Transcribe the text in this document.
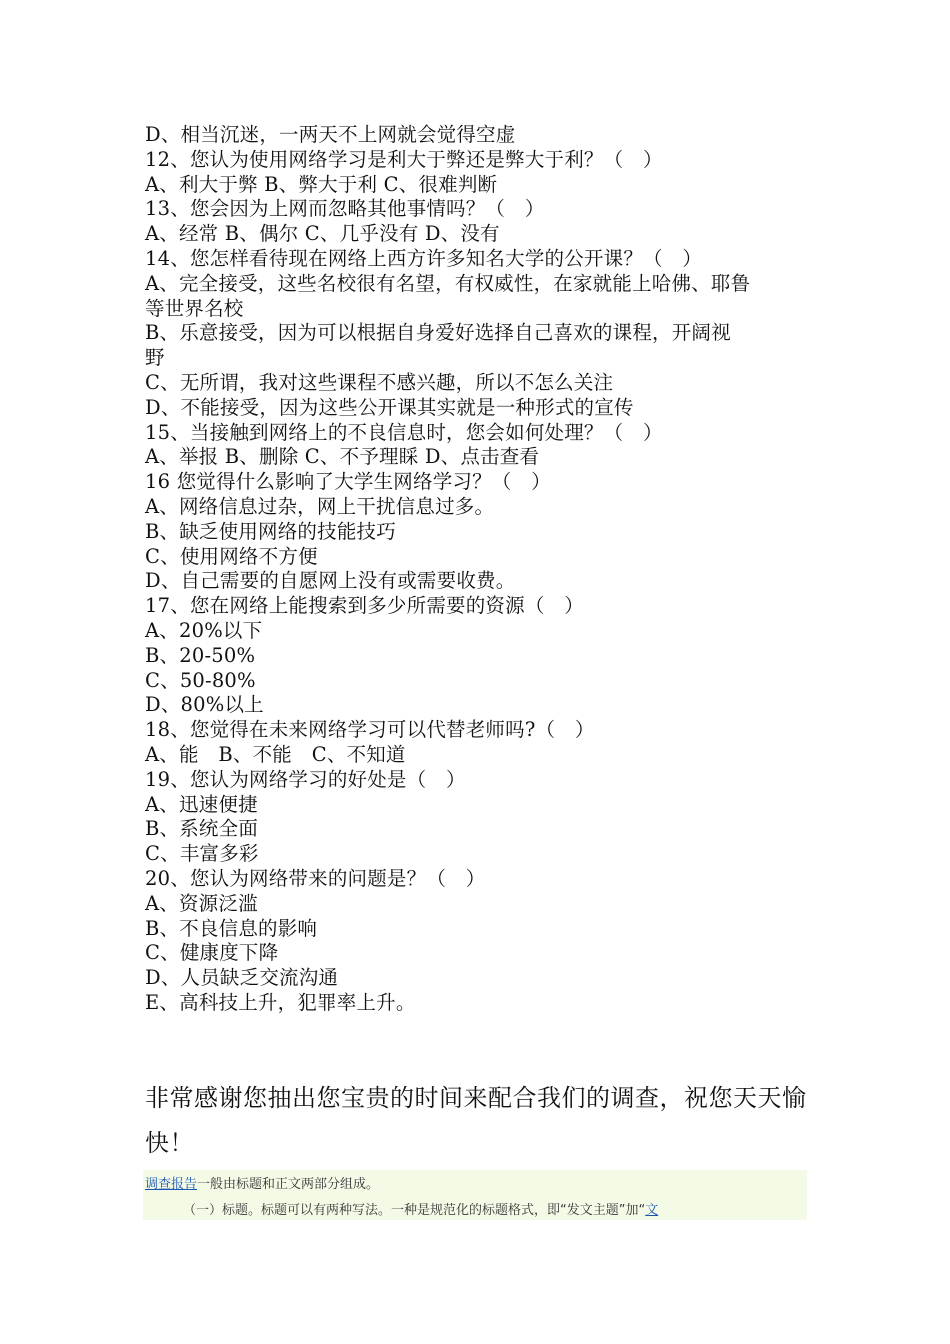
D、相当沉迷，一两天不上网就会觉得空虚
12、您认为使用网络学习是利大于弊还是弊大于利？（　）
A、利大于弊 B、弊大于利 C、很难判断
13、您会因为上网而忽略其他事情吗？（　）
A、经常 B、偶尔 C、几乎没有 D、没有
14、您怎样看待现在网络上西方许多知名大学的公开课？（　）
A、完全接受，这些名校很有名望，有权威性，在家就能上哈佛、耶鲁
等世界名校
B、乐意接受，因为可以根据自身爱好选择自己喜欢的课程，开阔视
野
C、无所谓，我对这些课程不感兴趣，所以不怎么关注
D、不能接受，因为这些公开课其实就是一种形式的宣传
15、当接触到网络上的不良信息时，您会如何处理？（　）
A、举报 B、删除 C、不予理睬 D、点击查看
16 您觉得什么影响了大学生网络学习？（　）
A、网络信息过杂，网上干扰信息过多。
B、缺乏使用网络的技能技巧
C、使用网络不方便
D、自己需要的自愿网上没有或需要收费。
17、您在网络上能搜索到多少所需要的资源（　）
A、20%以下
B、20-50%
C、50-80%
D、80%以上
18、您觉得在未来网络学习可以代替老师吗?（　）
A、能　B、不能　C、不知道
19、您认为网络学习的好处是（　）
A、迅速便捷
B、系统全面
C、丰富多彩
20、您认为网络带来的问题是？（　）
A、资源泛滥
B、不良信息的影响
C、健康度下降
D、人员缺乏交流沟通
E、高科技上升，犯罪率上升。
非常感谢您抽出您宝贵的时间来配合我们的调查，祝您天天愉快！
调查报告一般由标题和正文两部分组成。
（一）标题。标题可以有两种写法。一种是规范化的标题格式，即“发文主题”加“文
